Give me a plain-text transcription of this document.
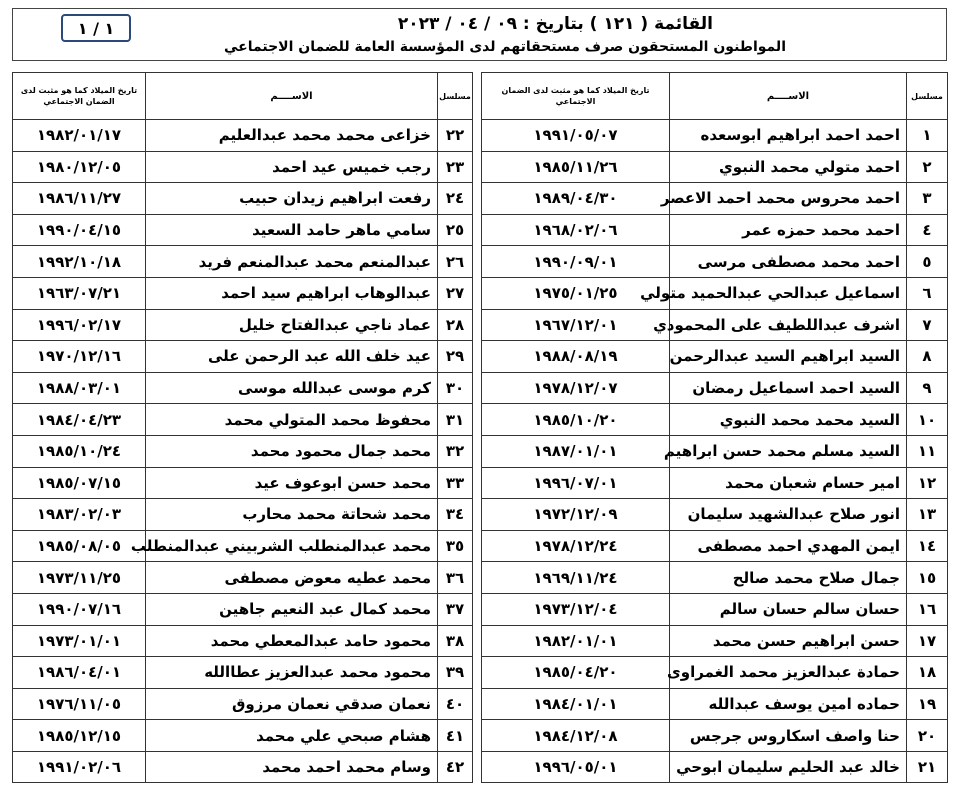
١ / ١	القائمة ( ١٢١ ) بتاريخ : ٠٩ / ٠٤ / ٢٠٢٣
المواطنون المستحقون صرف مستحقاتهم لدى المؤسسة العامة للضمان الاجتماعي
مسلسل	الاســــم	تاريخ الميلاد كما هو مثبت لدى الضمان الاجتماعي
١	احمد احمد ابراهيم ابوسعده	١٩٩١/٠٥/٠٧
٢	احمد متولي محمد النبوي	١٩٨٥/١١/٢٦
٣	احمد محروس محمد احمد الاعصر	١٩٨٩/٠٤/٣٠
٤	احمد محمد حمزه عمر	١٩٦٨/٠٢/٠٦
٥	احمد محمد مصطفى مرسى	١٩٩٠/٠٩/٠١
٦	اسماعيل عبدالحي عبدالحميد متولي	١٩٧٥/٠١/٢٥
٧	اشرف عبداللطيف على المحمودي	١٩٦٧/١٢/٠١
٨	السيد ابراهيم السيد عبدالرحمن	١٩٨٨/٠٨/١٩
٩	السيد احمد اسماعيل رمضان	١٩٧٨/١٢/٠٧
١٠	السيد محمد محمد النبوي	١٩٨٥/١٠/٢٠
١١	السيد مسلم محمد حسن ابراهيم	١٩٨٧/٠١/٠١
١٢	امير حسام شعبان محمد	١٩٩٦/٠٧/٠١
١٣	انور صلاح عبدالشهيد سليمان	١٩٧٢/١٢/٠٩
١٤	ايمن المهدي احمد مصطفى	١٩٧٨/١٢/٢٤
١٥	جمال صلاح محمد صالح	١٩٦٩/١١/٢٤
١٦	حسان سالم حسان سالم	١٩٧٣/١٢/٠٤
١٧	حسن ابراهيم حسن محمد	١٩٨٢/٠١/٠١
١٨	حمادة عبدالعزيز محمد الغمراوى	١٩٨٥/٠٤/٢٠
١٩	حماده امين يوسف عبدالله	١٩٨٤/٠١/٠١
٢٠	حنا واصف اسكاروس جرجس	١٩٨٤/١٢/٠٨
٢١	خالد عبد الحليم سليمان ابوحي	١٩٩٦/٠٥/٠١
مسلسل	الاســــم	تاريخ الميلاد كما هو مثبت لدى الضمان الاجتماعي
٢٢	خزاعى محمد محمد عبدالعليم	١٩٨٢/٠١/١٧
٢٣	رجب خميس عيد احمد	١٩٨٠/١٢/٠٥
٢٤	رفعت ابراهيم زيدان حبيب	١٩٨٦/١١/٢٧
٢٥	سامي ماهر حامد السعيد	١٩٩٠/٠٤/١٥
٢٦	عبدالمنعم محمد عبدالمنعم فريد	١٩٩٢/١٠/١٨
٢٧	عبدالوهاب ابراهيم سيد احمد	١٩٦٣/٠٧/٢١
٢٨	عماد ناجي عبدالفتاح خليل	١٩٩٦/٠٢/١٧
٢٩	عيد خلف الله عبد الرحمن على	١٩٧٠/١٢/١٦
٣٠	كرم موسى عبدالله موسى	١٩٨٨/٠٣/٠١
٣١	محفوظ محمد المتولي محمد	١٩٨٤/٠٤/٢٣
٣٢	محمد جمال محمود محمد	١٩٨٥/١٠/٢٤
٣٣	محمد حسن ابوعوف عيد	١٩٨٥/٠٧/١٥
٣٤	محمد شحاتة محمد محارب	١٩٨٣/٠٢/٠٣
٣٥	محمد عبدالمنطلب الشربيني عبدالمنطلب	١٩٨٥/٠٨/٠٥
٣٦	محمد عطيه معوض مصطفى	١٩٧٣/١١/٢٥
٣٧	محمد كمال عبد النعيم جاهين	١٩٩٠/٠٧/١٦
٣٨	محمود حامد عبدالمعطي محمد	١٩٧٣/٠١/٠١
٣٩	محمود محمد عبدالعزيز عطاالله	١٩٨٦/٠٤/٠١
٤٠	نعمان صدقي نعمان مرزوق	١٩٧٦/١١/٠٥
٤١	هشام صبحي علي محمد	١٩٨٥/١٢/١٥
٤٢	وسام محمد احمد محمد	١٩٩١/٠٢/٠٦
